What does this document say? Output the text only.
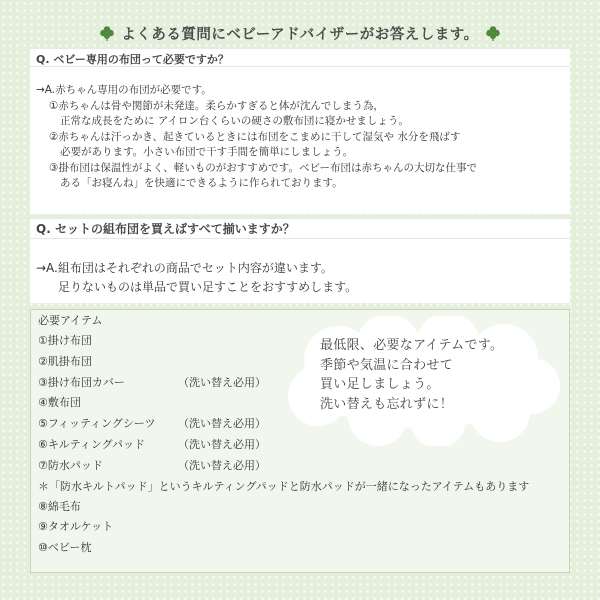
よくある質問にベビーアドバイザーがお答えします。
Q. ベビー専用の布団って必要ですか？

→A.赤ちゃん専用の布団が必要です。

①赤ちゃんは骨や関節が未発達。柔らかすぎると体が沈んでしまう為，

正常な成長をために アイロン台くらいの硬さの敷布団に寝かせましょう。

②赤ちゃんは汗っかき、起きているときには布団をこまめに干して湿気や 水分を飛ばす

必要があります。小さい布団で干す手間を簡単にしましょう。

③掛布団は保温性がよく、軽いものがおすすめです。ベビー布団は赤ちゃんの大切な仕事で

ある「お寝んね」を快適にできるように作られております。

Q. セットの組布団を買えばすべて揃いますか？

→A.組布団はそれぞれの商品でセット内容が違います。

足りないものは単品で買い足すことをおすすめします。

必要アイテム
①掛け布団
②肌掛布団
③掛け布団カバー	（洗い替え必用）
④敷布団
⑤フィッティングシーツ （洗い替え必用）
⑥キルティングパッド	（洗い替え必用）
⑦防水パッド	（洗い替え必用）
＊「防水キルトパッド」というキルティングパッドと防水パッドが一緒になったアイテムもあります
⑧綿毛布
⑨タオルケット
⑩ベビー枕

最低限、必要なアイテムです。

季節や気温に合わせて

買い足しましょう。

洗い替えも忘れずに！
